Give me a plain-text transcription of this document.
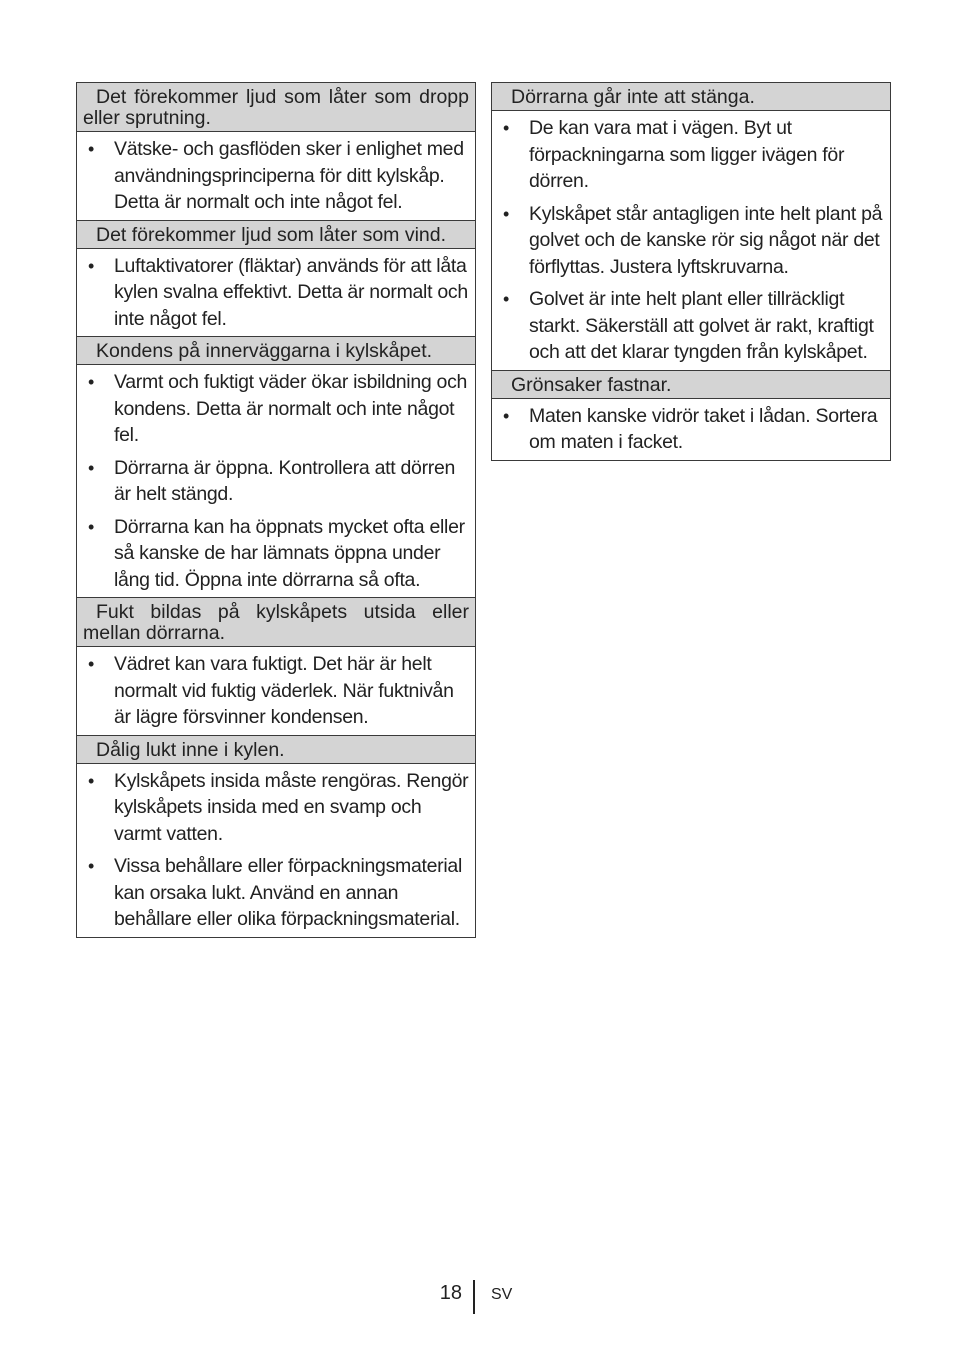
Det förekommer ljud som låter som dropp eller sprutning.
• Vätske- och gasflöden sker i enlighet med användningsprinciperna för ditt kylskåp. Detta är normalt och inte något fel.
Det förekommer ljud som låter som vind.
• Luftaktivatorer (fläktar) används för att låta kylen svalna effektivt. Detta är normalt och inte något fel.
Kondens på innerväggarna i kylskåpet.
• Varmt och fuktigt väder ökar isbildning och kondens. Detta är normalt och inte något fel.
• Dörrarna är öppna. Kontrollera att dörren är helt stängd.
• Dörrarna kan ha öppnats mycket ofta eller så kanske de har lämnats öppna under lång tid. Öppna inte dörrarna så ofta.
Fukt bildas på kylskåpets utsida eller mellan dörrarna.
• Vädret kan vara fuktigt. Det här är helt normalt vid fuktig väderlek. När fuktnivån är lägre försvinner kondensen.
Dålig lukt inne i kylen.
• Kylskåpets insida måste rengöras. Rengör kylskåpets insida med en svamp och varmt vatten.
• Vissa behållare eller förpackningsmaterial kan orsaka lukt. Använd en annan behållare eller olika förpackningsmaterial.
Dörrarna går inte att stänga.
• De kan vara mat i vägen. Byt ut förpackningarna som ligger ivägen för dörren.
• Kylskåpet står antagligen inte helt plant på golvet och de kanske rör sig något när det förflyttas. Justera lyftskruvarna.
• Golvet är inte helt plant eller tillräckligt starkt. Säkerställ att golvet är rakt, kraftigt och att det klarar tyngden från kylskåpet.
Grönsaker fastnar.
• Maten kanske vidrör taket i lådan. Sortera om maten i facket.
18 SV
